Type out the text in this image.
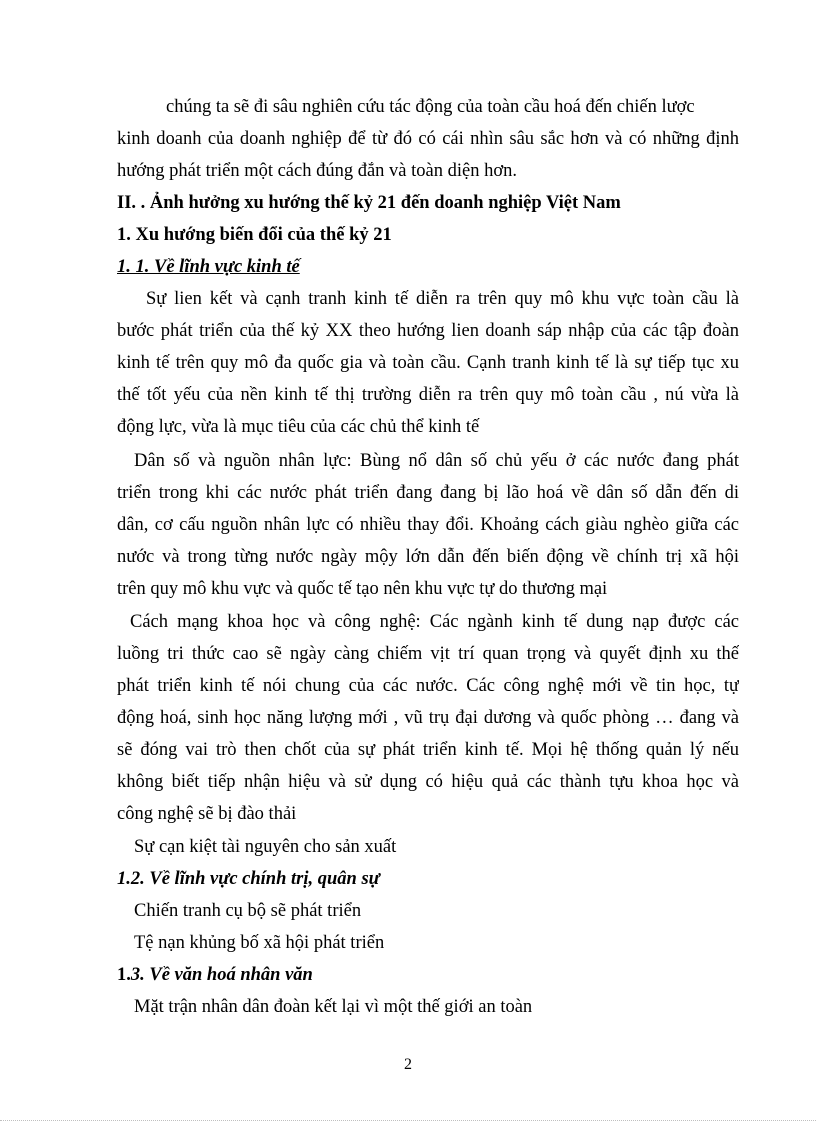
chúng ta sẽ đi sâu nghiên cứu tác động của toàn cầu hoá đến chiến lược
kinh doanh của doanh nghiệp để từ đó có cái nhìn sâu sắc hơn và có những định
hướng phát triển một cách đúng đắn và toàn diện hơn.
II. . Ảnh hưởng xu hướng thế kỷ 21 đến doanh nghiệp Việt Nam
1. Xu hướng biến đổi của thế kỷ 21
1. 1. Về lĩnh vực kinh tế
Sự lien kết và cạnh tranh kinh tế diễn ra trên quy mô khu vực toàn cầu là
bước phát triển của thế kỷ XX theo hướng lien doanh sáp nhập của các tập đoàn
kinh tế trên quy mô đa quốc gia và toàn cầu. Cạnh tranh kinh tế là sự tiếp tục xu
thế tốt yếu của nền kinh tế thị trường diễn ra trên quy mô toàn cầu , nú vừa là
động lực, vừa là mục tiêu của các chủ thể kinh tế
Dân số và nguồn nhân lực: Bùng nổ dân số chủ yếu ở các nước đang phát
triển trong khi các nước phát triển đang đang bị lão hoá về dân số dẫn đến di
dân, cơ cấu nguồn nhân lực có nhiều thay đổi. Khoảng cách giàu nghèo giữa các
nước và trong từng nước ngày mộy lớn dẫn đến biến động về chính trị xã hội
trên quy mô khu vực và quốc tế tạo nên khu vực tự do thương mại
Cách mạng khoa học và công nghệ: Các ngành kinh tế dung nạp được các
luồng tri thức cao sẽ ngày càng chiếm vịt trí quan trọng và quyết định xu thế
phát triển kinh tế nói chung của các nước. Các công nghệ mới về tin học, tự
động hoá, sinh học năng lượng mới , vũ trụ đại dương và quốc phòng … đang và
sẽ đóng vai trò then chốt của sự phát triển kinh tế. Mọi hệ thống quản lý nếu
không biết tiếp nhận hiệu và sử dụng có hiệu quả các thành tựu khoa học và
công nghệ sẽ bị đào thải
Sự cạn kiệt tài nguyên cho sản xuất
1.2. Về lĩnh vực chính trị, quân sự
Chiến tranh cụ bộ sẽ phát triển
Tệ nạn khủng bố xã hội phát triển
1.3. Về văn hoá nhân văn
Mặt trận nhân dân đoàn kết lại vì một thế giới an toàn
2
